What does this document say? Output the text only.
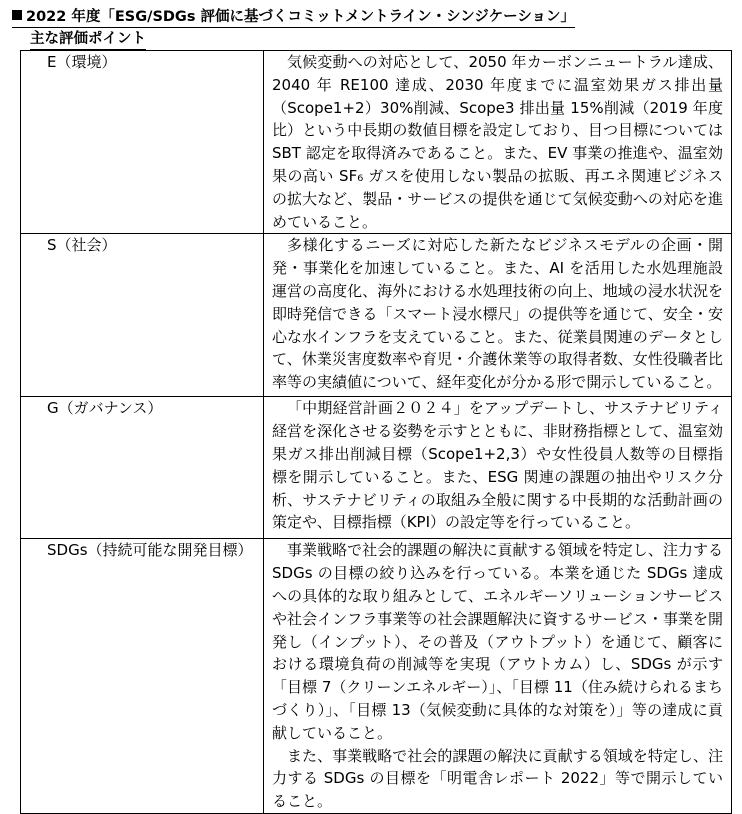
2022 年度「ESG/SDGs 評価に基づくコミットメントライン・シンジケーション」
主な評価ポイント
E（環境）	気候変動への対応として、2050 年カーボンニュートラル達成、2040 年 RE100 達成、2030 年度までに温室効果ガス排出量（Scope1+2）30%削減、Scope3 排出量 15%削減（2019 年度比）という中長期の数値目標を設定しており、目つ目標についてはSBT 認定を取得済みであること。また、EV 事業の推進や、温室効果の高い SF₆ ガスを使用しない製品の拡販、再エネ関連ビジネスの拡大など、製品・サービスの提供を通じて気候変動への対応を進めていること。

S（社会）	多様化するニーズに対応した新たなビジネスモデルの企画・開発・事業化を加速していること。また、AI を活用した水処理施設運営の高度化、海外における水処理技術の向上、地域の浸水状況を即時発信できる「スマート浸水標尺」の提供等を通じて、安全・安心な水インフラを支えていること。また、従業員関連のデータとして、休業災害度数率や育児・介護休業等の取得者数、女性役職者比率等の実績値について、経年変化が分かる形で開示していること。

G（ガバナンス）	「中期経営計画２０２４」をアップデートし、サステナビリティ経営を深化させる姿勢を示すとともに、非財務指標として、温室効果ガス排出削減目標（Scope1+2,3）や女性役員人数等の目標指標を開示していること。また、ESG 関連の課題の抽出やリスク分析、サステナビリティの取組み全般に関する中長期的な活動計画の策定や、目標指標（KPI）の設定等を行っていること。

SDGs（持続可能な開発目標）	事業戦略で社会的課題の解決に貢献する領域を特定し、注力する SDGs の目標の絞り込みを行っている。本業を通じた SDGs 達成への具体的な取り組みとして、エネルギーソリューションサービスや社会インフラ事業等の社会課題解決に資するサービス・事業を開発し（インプット）、その普及（アウトプット）を通じて、顧客における環境負荷の削減等を実現（アウトカム）し、SDGs が示す「目標 7（クリーンエネルギー）」、「目標 11（住み続けられるまちづくり）」、「目標 13（気候変動に具体的な対策を）」等の達成に貢献していること。

また、事業戦略で社会的課題の解決に貢献する領域を特定し、注力する SDGs の目標を「明電舎レポート 2022」等で開示していること。
